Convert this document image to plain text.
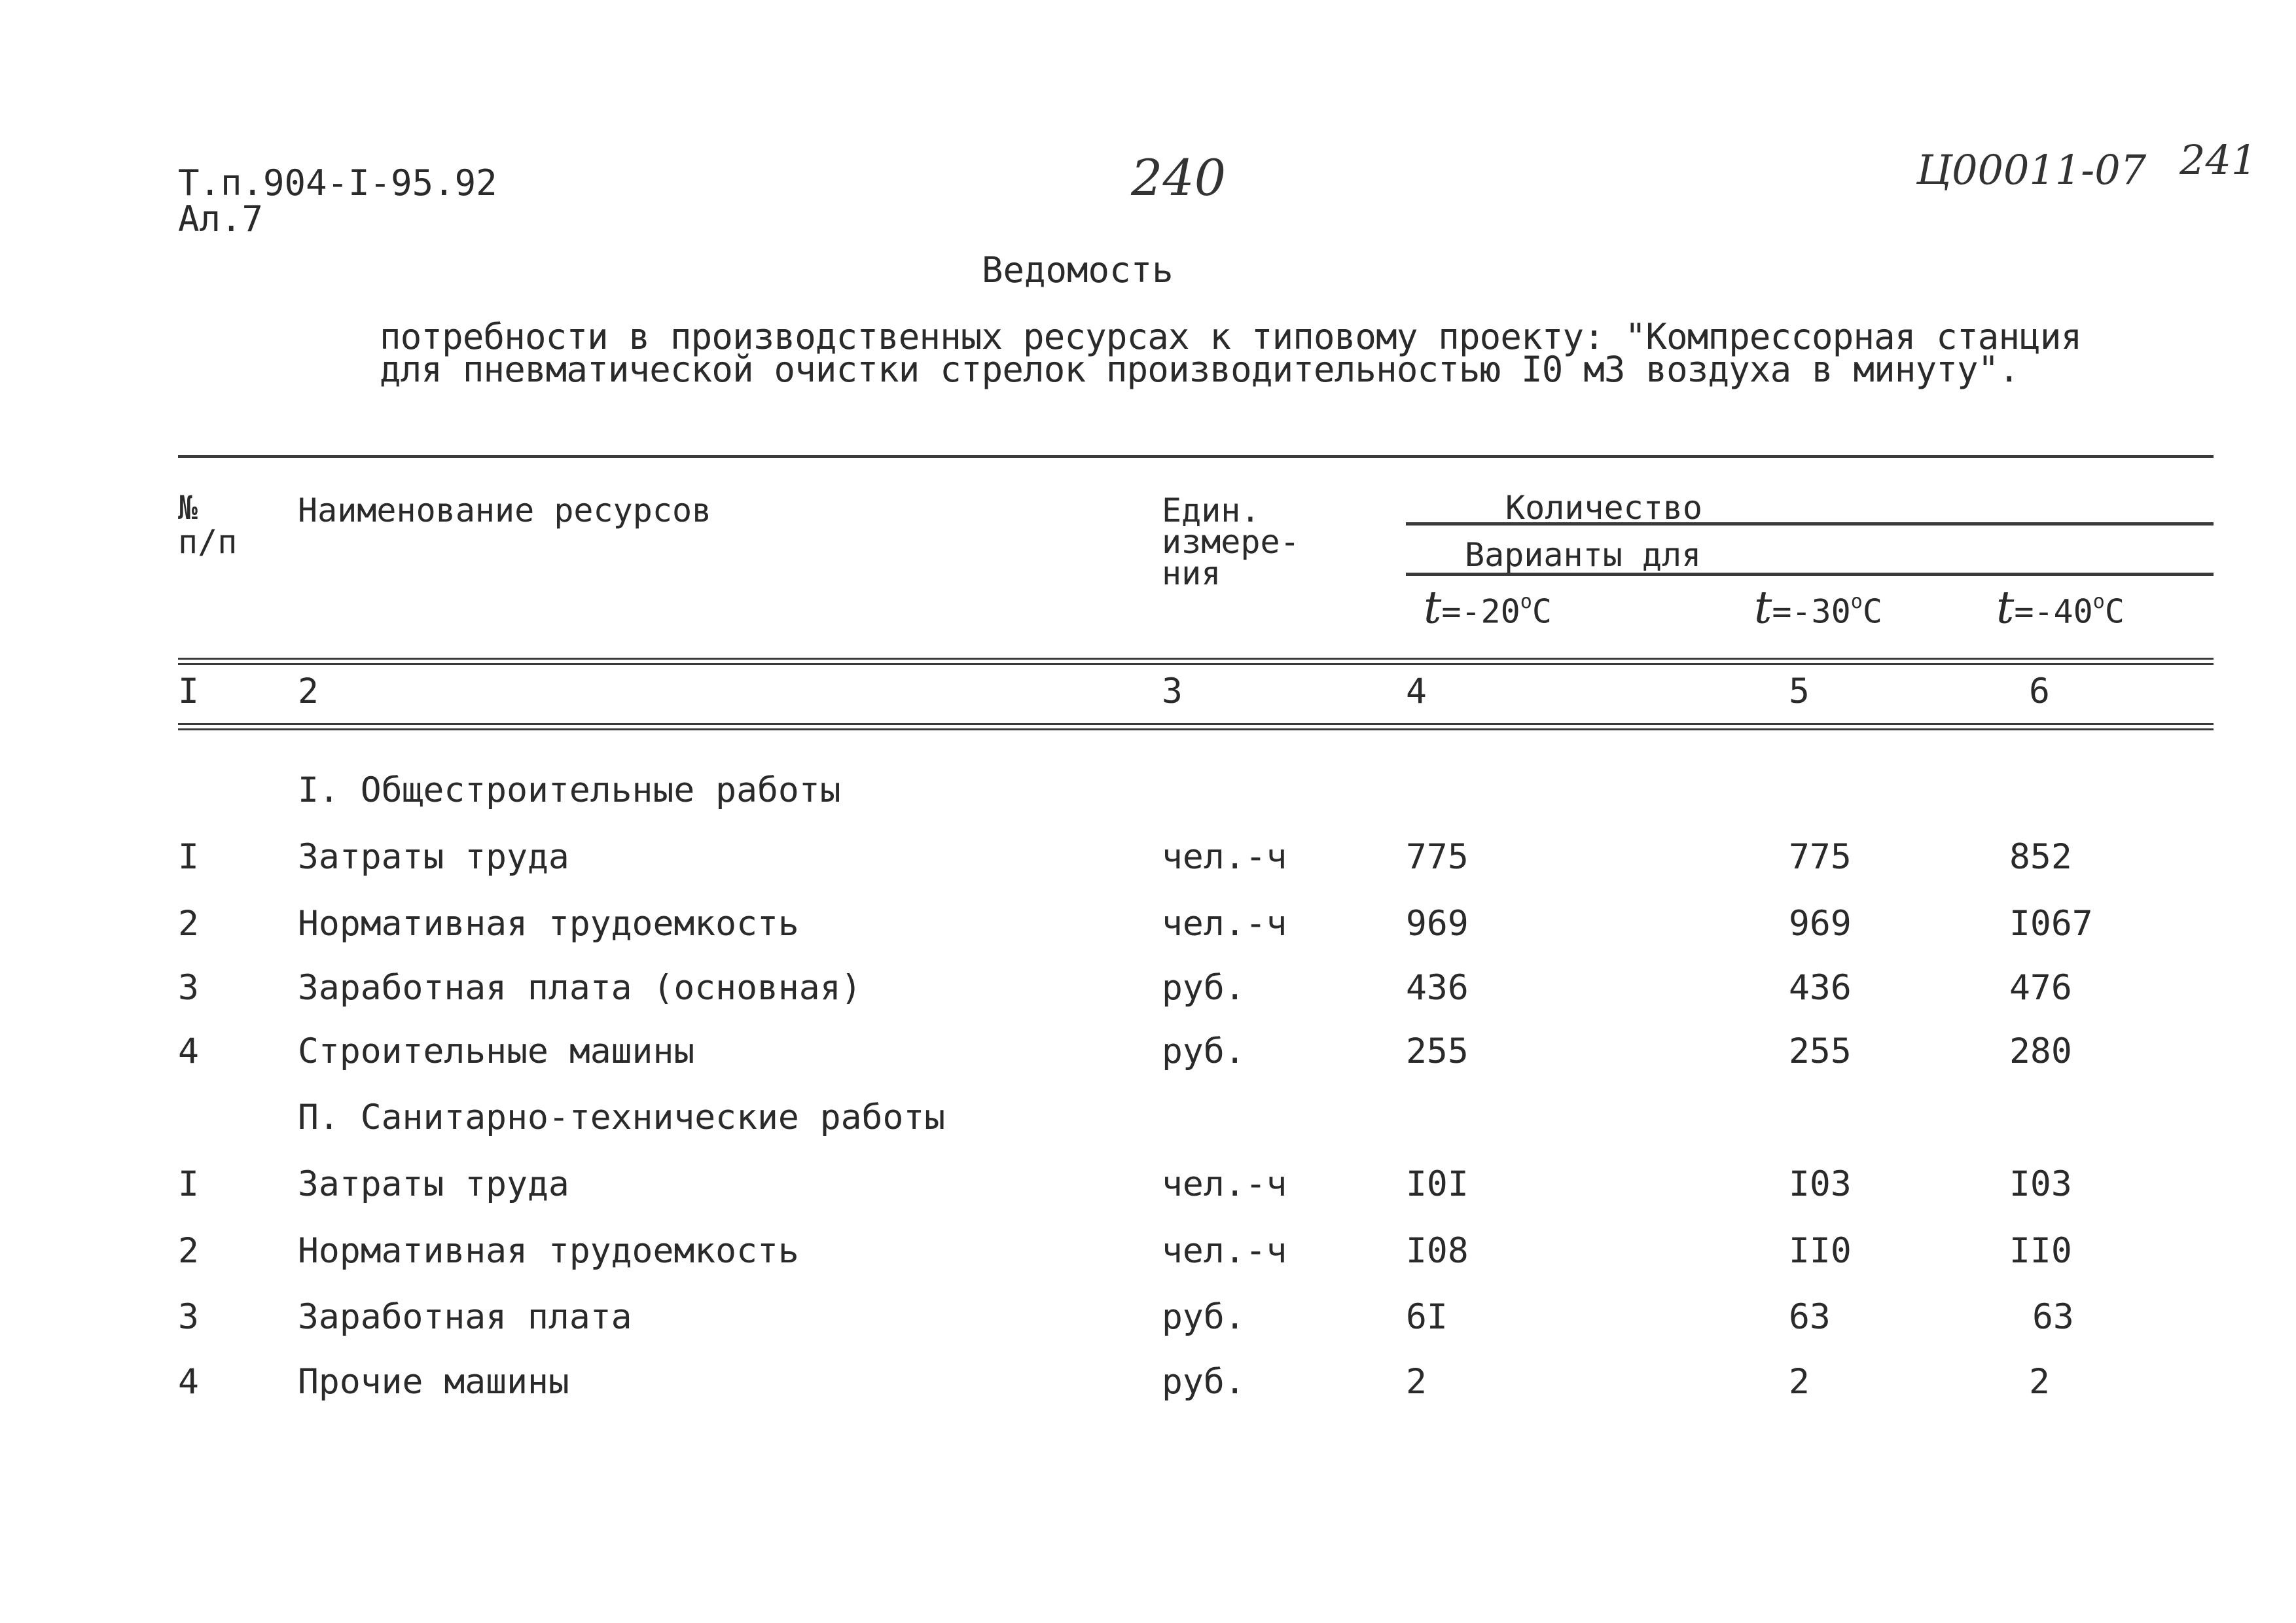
Т.п.904-I-95.92
Ал.7
240	Ц00011-07 241
Ведомость
потребности в производственных ресурсах к типовому проекту: "Компрессорная станция
для пневматической очистки стрелок производительностью I0 м3 воздуха в минуту".
№
п/п
Наименование ресурсов	Един.
измере-
ния
Количество
Варианты для
$t=-20^oC$	$t=-30^oC$	$t=-40^oC$
I	2	3	4	5	6
I. Общестроительные работы
I	Затраты труда	чел.-ч	775	775	852
2	Нормативная трудоемкость	чел.-ч	969	969	I067
3	Заработная плата (основная)	руб.	436	436	476
4	Строительные машины	руб.	255	255	280
П. Санитарно-технические работы
I	Затраты труда	чел.-ч	I0I	I03	I03
2	Нормативная трудоемкость	чел.-ч	I08	II0	II0
3	Заработная плата	руб.	6I	63	63
4	Прочие машины	руб.	2	2	2
